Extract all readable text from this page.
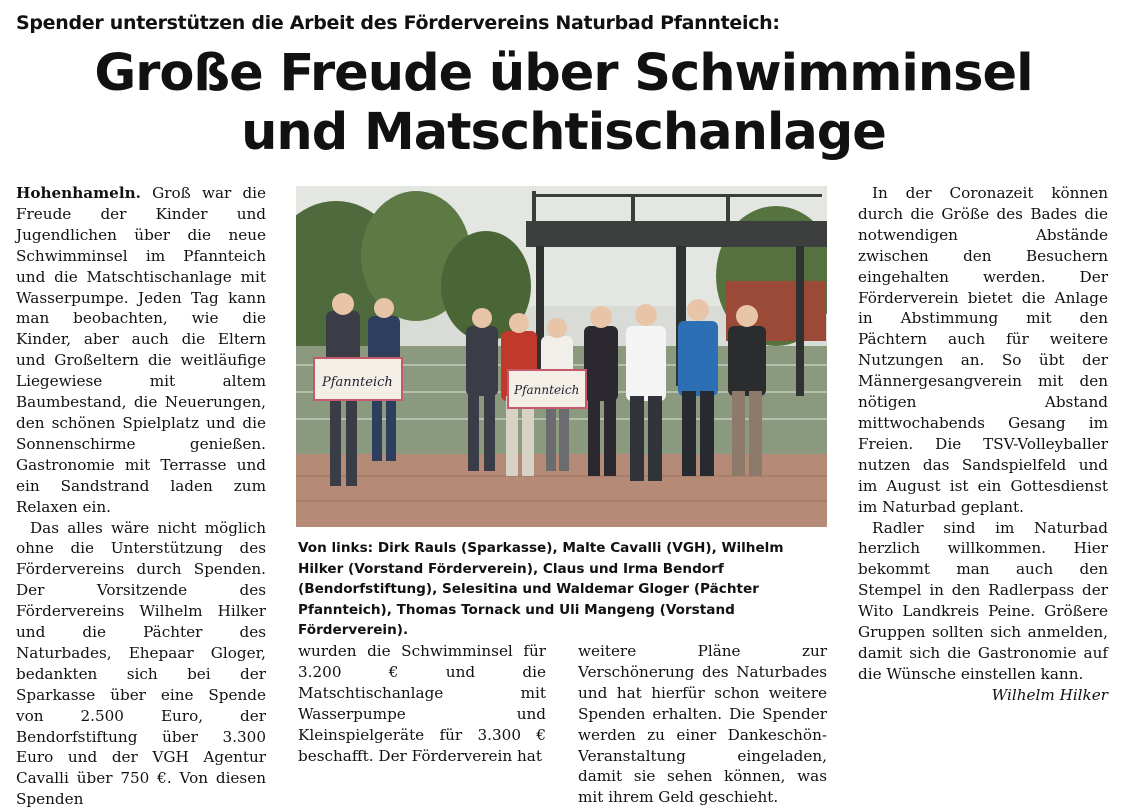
Spender unterstützen die Arbeit des Fördervereins Naturbad Pfannteich:
Große Freude über Schwimminsel
und Matschtischanlage

Hohenhameln. Groß war die Freude der Kinder und Jugendlichen über die neue Schwimminsel im Pfannteich und die Matschtischanlage mit Wasserpumpe. Jeden Tag kann man beobachten, wie die Kinder, aber auch die Eltern und Großeltern die weitläufige Liegewiese mit altem Baumbestand, die Neuerungen, den schönen Spielplatz und die Sonnenschirme genießen. Gastronomie mit Terrasse und ein Sandstrand laden zum Relaxen ein.

Das alles wäre nicht möglich ohne die Unterstützung des Fördervereins durch Spenden. Der Vorsitzende des Fördervereins Wilhelm Hilker und die Pächter des Naturbades, Ehepaar Gloger, bedankten sich bei der Sparkasse über eine Spende von 2.500 Euro, der Bendorfstiftung über 3.300 Euro und der VGH Agentur Cavalli über 750 €. Von diesen Spenden

Pfannteich	Pfannteich
Von links: Dirk Rauls (Sparkasse), Malte Cavalli (VGH), Wilhelm Hilker (Vorstand Förderverein), Claus und Irma Bendorf (Bendorfstiftung), Selesitina und Waldemar Gloger (Pächter Pfannteich), Thomas Tornack und Uli Mangeng (Vorstand Förderverein).

wurden die Schwimminsel für 3.200 € und die Matschtischanlage mit Wasserpumpe und Kleinspielgeräte für 3.300 € beschafft. Der Förderverein hat

weitere Pläne zur Verschönerung des Naturbades und hat hierfür schon weitere Spenden erhalten. Die Spender werden zu einer Dankeschön-Veranstaltung eingeladen, damit sie sehen können, was mit ihrem Geld geschieht.

In der Coronazeit können durch die Größe des Bades die notwendigen Abstände zwischen den Besuchern eingehalten werden. Der Förderverein bietet die Anlage in Abstimmung mit den Pächtern auch für weitere Nutzungen an. So übt der Männergesangverein mit den nötigen Abstand mittwochabends Gesang im Freien. Die TSV-Volleyballer nutzen das Sandspielfeld und im August ist ein Gottesdienst im Naturbad geplant.

Radler sind im Naturbad herzlich willkommen. Hier bekommt man auch den Stempel in den Radlerpass der Wito Landkreis Peine. Größere Gruppen sollten sich anmelden, damit sich die Gastronomie auf die Wünsche einstellen kann.

Wilhelm Hilker
